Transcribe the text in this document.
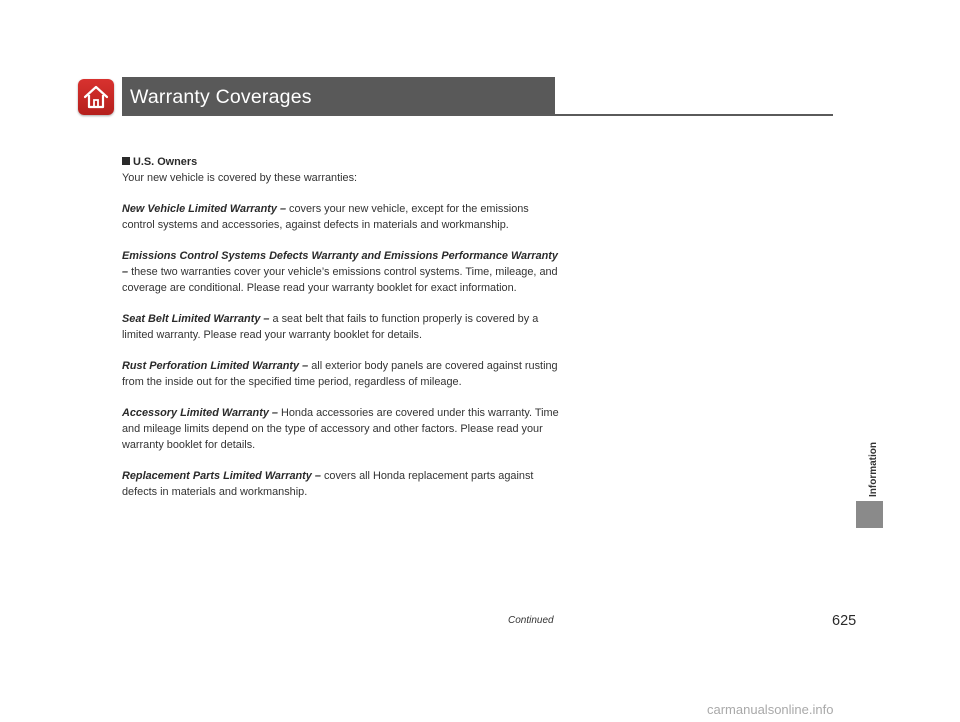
Warranty Coverages
U.S. Owners

Your new vehicle is covered by these warranties:

New Vehicle Limited Warranty – covers your new vehicle, except for the emissions control systems and accessories, against defects in materials and workmanship.

Emissions Control Systems Defects Warranty and Emissions Performance Warranty – these two warranties cover your vehicle’s emissions control systems. Time, mileage, and coverage are conditional. Please read your warranty booklet for exact information.

Seat Belt Limited Warranty – a seat belt that fails to function properly is covered by a limited warranty. Please read your warranty booklet for details.

Rust Perforation Limited Warranty – all exterior body panels are covered against rusting from the inside out for the specified time period, regardless of mileage.

Accessory Limited Warranty – Honda accessories are covered under this warranty. Time and mileage limits depend on the type of accessory and other factors. Please read your warranty booklet for details.

Replacement Parts Limited Warranty – covers all Honda replacement parts against defects in materials and workmanship.	Information
Continued	625
carmanualsonline.info
